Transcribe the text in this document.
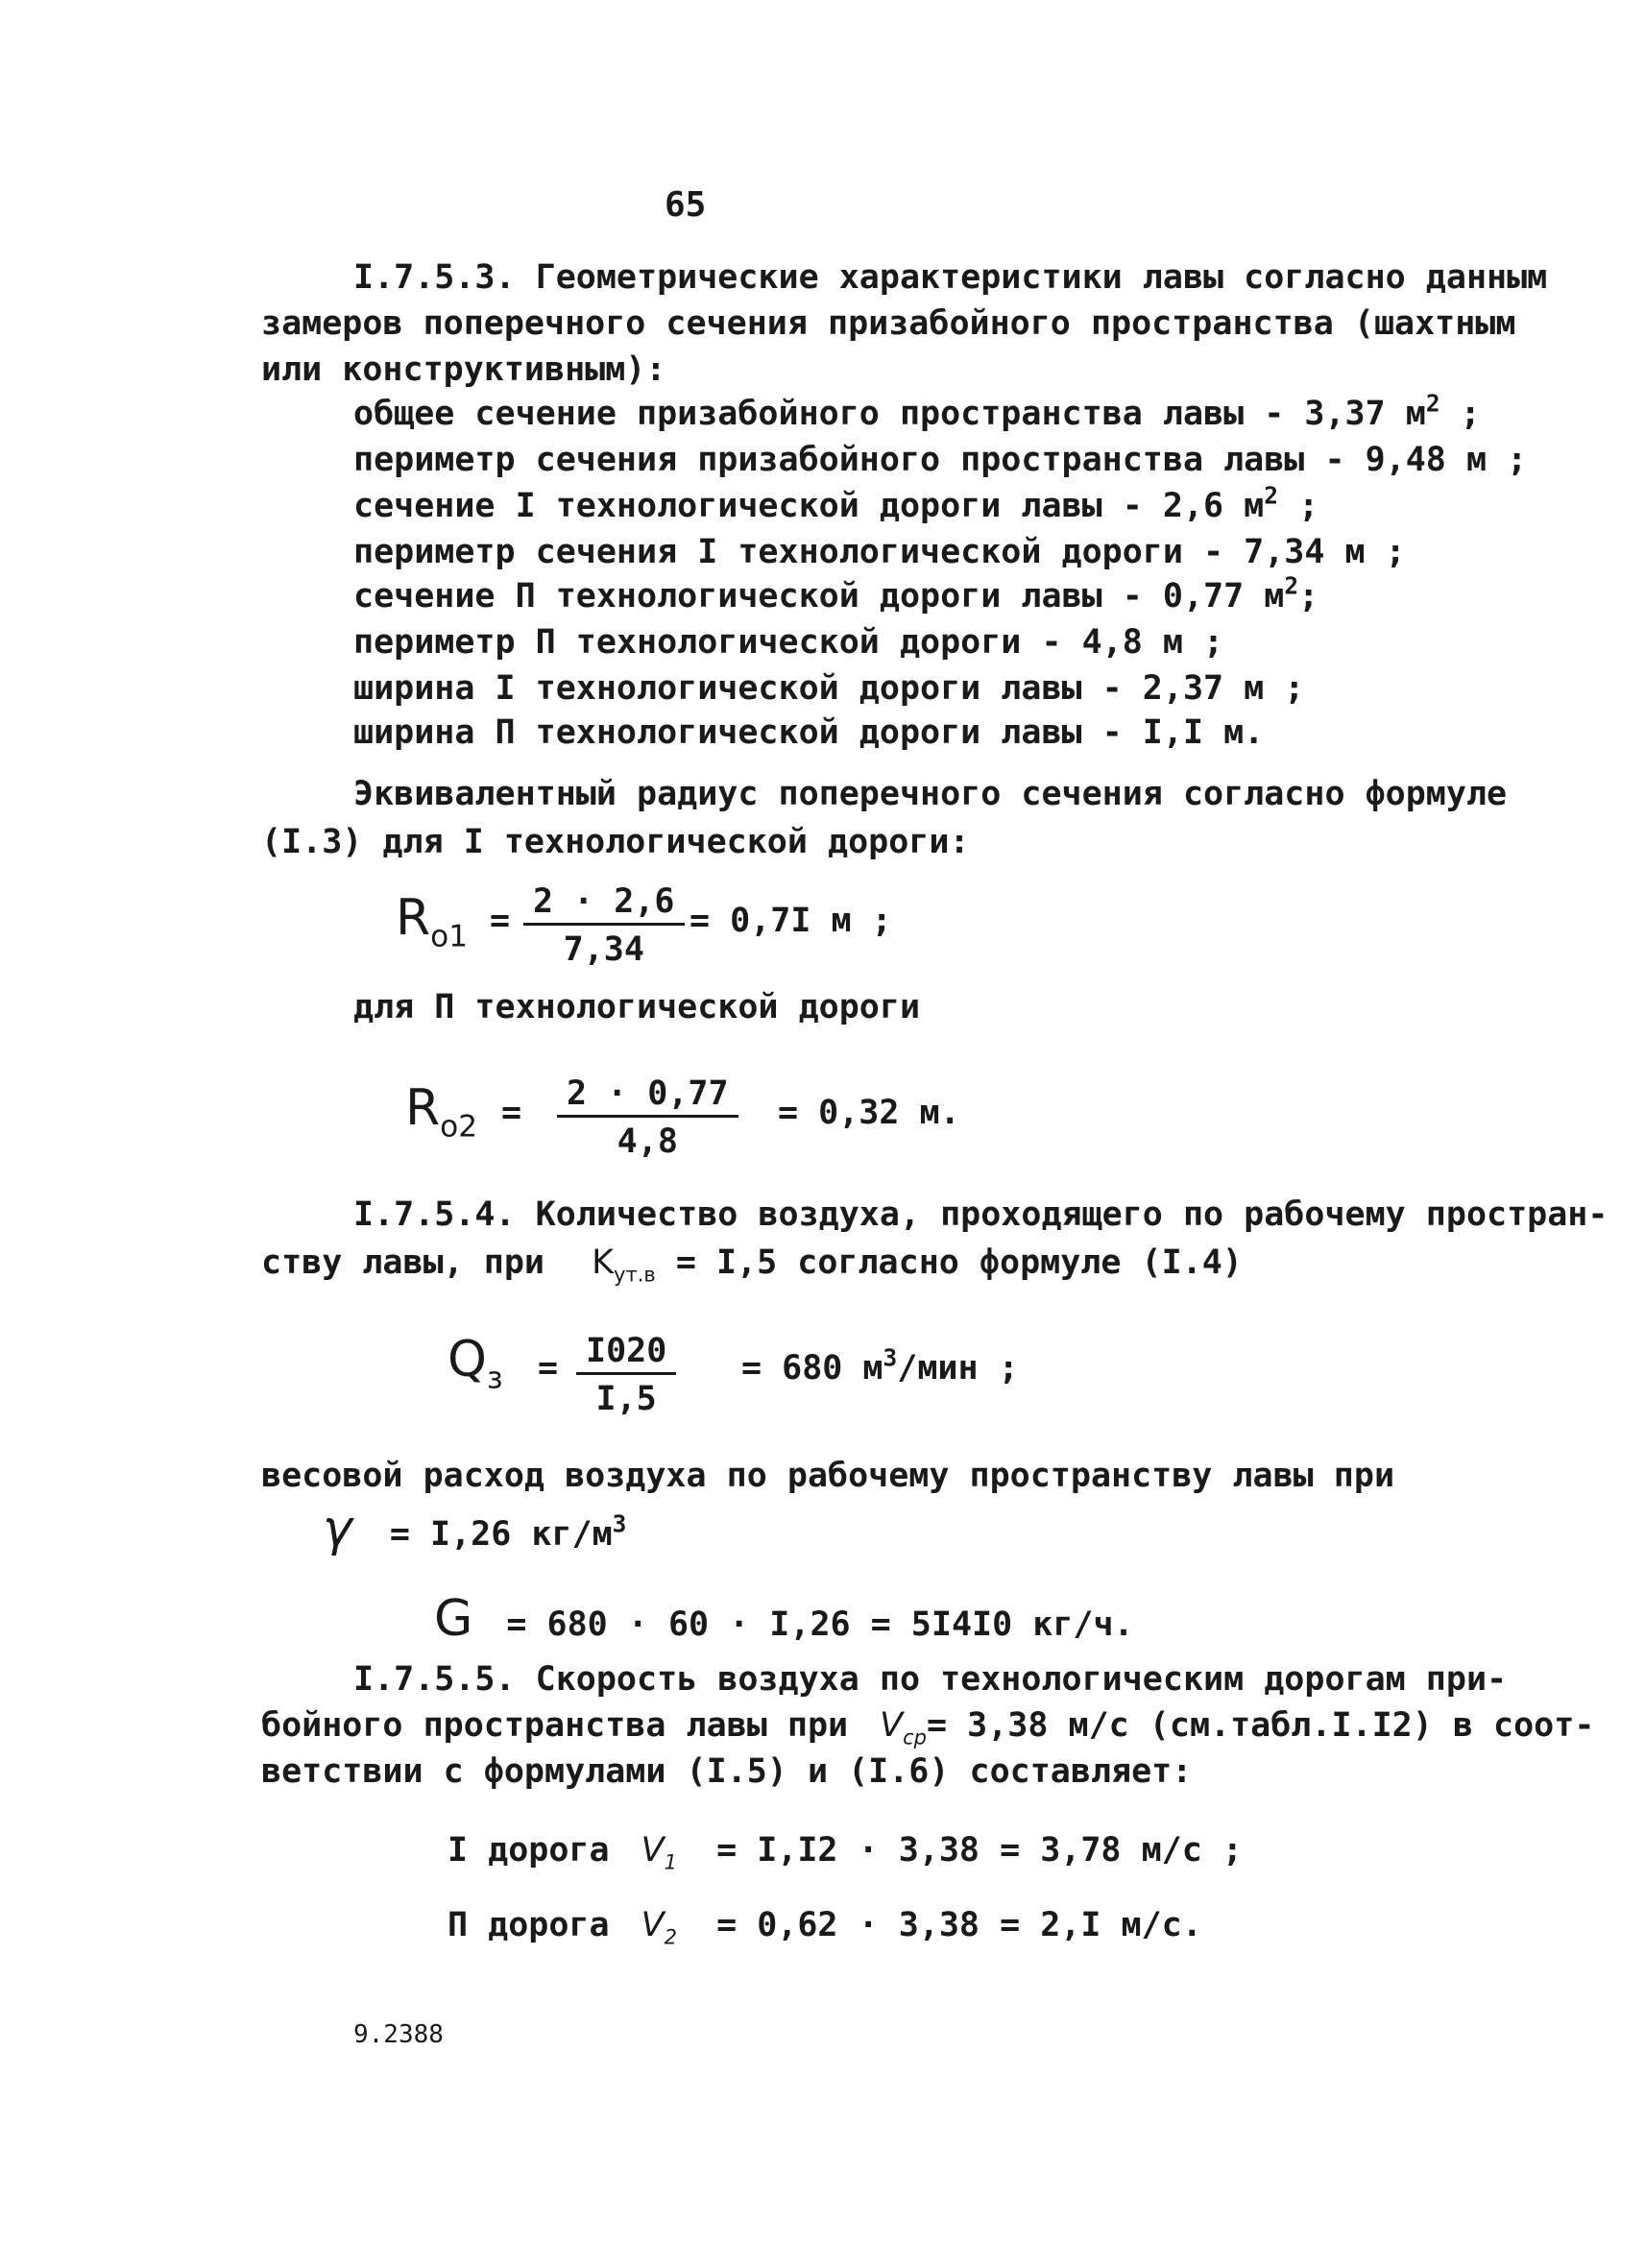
65
I.7.5.3. Геометрические характеристики лавы согласно данным
замеров поперечного сечения призабойного пространства (шахтным
или конструктивным):
общее сечение призабойного пространства лавы - 3,37 $м^2$ ;
периметр сечения призабойного пространства лавы - 9,48 м ;
сечение I технологической дороги лавы - 2,6 $м^2$ ;
периметр сечения I технологической дороги - 7,34 м ;
сечение П технологической дороги лавы - 0,77 $м^2$;
периметр П технологической дороги - 4,8 м ;
ширина I технологической дороги лавы - 2,37 м ;
ширина П технологической дороги лавы - I,I м.
Эквивалентный радиус поперечного сечения согласно формуле
(I.3) для I технологической дороги:
$R_{o1} = \frac{2 \cdot 2,6}{7,34} = 0,7I$ м ;
для П технологической дороги
$R_{o2} = \frac{2 \cdot 0,77}{4,8} = 0,32$ м.
I.7.5.4. Количество воздуха, проходящего по рабочему простран-
ству лавы, при $K_{ут.в} = I,5$ согласно формуле (I.4)
$Q_з = \frac{I020}{I,5} = 680$ $м^3$/мин ;
весовой расход воздуха по рабочему пространству лавы при
γ = I,26 $кг/м^3$
G = 680 · 60 · I,26 = 5I4I0 кг/ч.
I.7.5.5. Скорость воздуха по технологическим дорогам при-
бойного пространства лавы при $V_{ср}= 3,38$ м/с (см.табл.I.I2) в соот-
ветствии с формулами (I.5) и (I.6) составляет:
I дорога $V_1 = I,I2 \cdot 3,38 = 3,78$ м/с ;
П дорога $V_2 = 0,62 \cdot 3,38 = 2,I$ м/с.
9.2388
